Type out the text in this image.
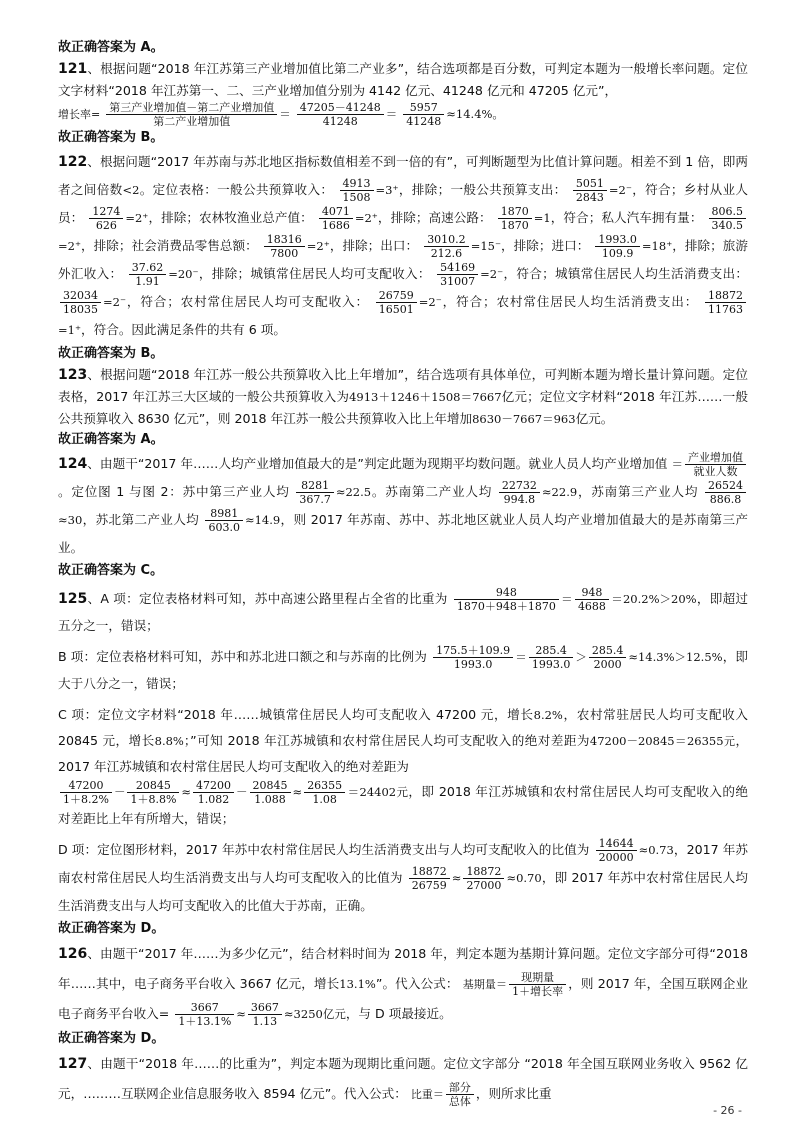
故正确答案为 A。

121、根据问题“2018 年江苏第三产业增加值比第二产业多”，结合选项都是百分数，可判定本题为一般增长率问题。定位文字材料“2018 年江苏第一、二、三产业增加值分别为 4142 亿元、41248 亿元和 47205 亿元”，
增长率= $\frac{\text{第三产业增加值－第二产业增加值}}{\text{第二产业增加值}} = \frac{47205-41248}{41248} = \frac{5957}{41248} \approx 14.4\%$。

故正确答案为 B。

122、根据问题“2017 年苏南与苏北地区指标数值相差不到一倍的有”，可判断题型为比值计算问题。相差不到 1 倍，即两者之间倍数<2。定位表格：一般公共预算收入： $\frac{4913}{1508} =3^+$，排除；一般公共预算支出： $\frac{5051}{2843} =2^-$，符合；乡村从业人员： $\frac{1274}{626} =2^+$，排除；农林牧渔业总产值： $\frac{4071}{1686} =2^+$，排除；高速公路： $\frac{1870}{1870} =1$，符合；私人汽车拥有量： $\frac{806.5}{340.5}$
=2⁺，排除；社会消费品零售总额： $\frac{18316}{7800} =2^+$，排除；出口： $\frac{3010.2}{212.6} =15^-$，排除；进口： $\frac{1993.0}{109.9} =18^+$，排除；旅游外汇收入： $\frac{37.62}{1.91} =20^-$，排除；城镇常住居民人均可支配收入： $\frac{54169}{31007} =2^-$，符合；城镇常住居民人均生活消费支出：
$\frac{32034}{18035} =2^-$，符合；农村常住居民人均可支配收入： $\frac{26759}{16501} =2^-$，符合；农村常住居民人均生活消费支出： $\frac{18872}{11763}$
=1⁺，符合。因此满足条件的共有 6 项。

故正确答案为 B。

123、根据问题“2018 年江苏一般公共预算收入比上年增加”，结合选项有具体单位，可判断本题为增长量计算问题。定位表格，2017 年江苏三大区域的一般公共预算收入为4913＋1246＋1508＝7667亿元；定位文字材料“2018 年江苏……一般公共预算收入 8630 亿元”，则 2018 年江苏一般公共预算收入比上年增加8630－7667＝963亿元。

故正确答案为 A。

124、由题干“2017 年……人均产业增加值最大的是”判定此题为现期平均数问题。就业人员人均产业增加值 ＝ $\frac{\text{产业增加值}}{\text{就业人数}}$
。定位图 1 与图 2：苏中第三产业人均 $\frac{8281}{367.7} \approx 22.5$。苏南第二产业人均 $\frac{22732}{994.8} \approx 22.9$，苏南第三产业人均 $\frac{26524}{886.8}$
≈30，苏北第二产业人均 $\frac{8981}{603.0} \approx 14.9$，则 2017 年苏南、苏中、苏北地区就业人员人均产业增加值最大的是苏南第三产业。

故正确答案为 C。

125、A 项：定位表格材料可知，苏中高速公路里程占全省的比重为 $\frac{948}{1870+948+1870} = \frac{948}{4688} =20.2\%>20\%$，即超过五分之一，错误；

B 项：定位表格材料可知，苏中和苏北进口额之和与苏南的比例为 $\frac{175.5+109.9}{1993.0} = \frac{285.4}{1993.0} > \frac{285.4}{2000} \approx 14.3\%>12.5\%$，即大于八分之一，错误；

C 项：定位文字材料“2018 年……城镇常住居民人均可支配收入 47200 元，增长8.2%，农村常驻居民人均可支配收入 20845 元，增长8.8%；”可知 2018 年江苏城镇和农村常住居民人均可支配收入的绝对差距为47200－20845＝26355元，2017 年江苏城镇和农村常住居民人均可支配收入的绝对差距为

$\frac{47200}{1+8.2\%} - \frac{20845}{1+8.8\%} \approx \frac{47200}{1.082} - \frac{20845}{1.088} \approx \frac{26355}{1.08} =24402$元，即 2018 年江苏城镇和农村常住居民人均可支配收入的绝对差距比上年有所增大，错误；

D 项：定位图形材料，2017 年苏中农村常住居民人均生活消费支出与人均可支配收入的比值为 $\frac{14644}{20000} \approx 0.73$，2017 年苏南农村常住居民人均生活消费支出与人均可支配收入的比值为 $\frac{18872}{26759} \approx \frac{18872}{27000} \approx 0.70$，即 2017 年苏中农村常住居民人均生活消费支出与人均可支配收入的比值大于苏南，正确。

故正确答案为 D。

126、由题干“2017 年……为多少亿元”，结合材料时间为 2018 年，判定本题为基期计算问题。定位文字部分可得“2018 年……其中，电子商务平台收入 3667 亿元，增长13.1%”。代入公式： 基期量＝ $\frac{\text{现期量}}{\text{1＋增长率}}$ ，则 2017 年，全国互联网企业电子商务平台收入= $\frac{3667}{1+13.1\%} \approx \frac{3667}{1.13} \approx 3250$亿元，与 D 项最接近。

故正确答案为 D。

127、由题干“2018 年……的比重为”，判定本题为现期比重问题。定位文字部分 “2018 年全国互联网业务收入 9562 亿元，………互联网企业信息服务收入 8594 亿元”。代入公式： 比重＝ $\frac{\text{部分}}{\text{总体}}$ ，则所求比重

- 26 -
